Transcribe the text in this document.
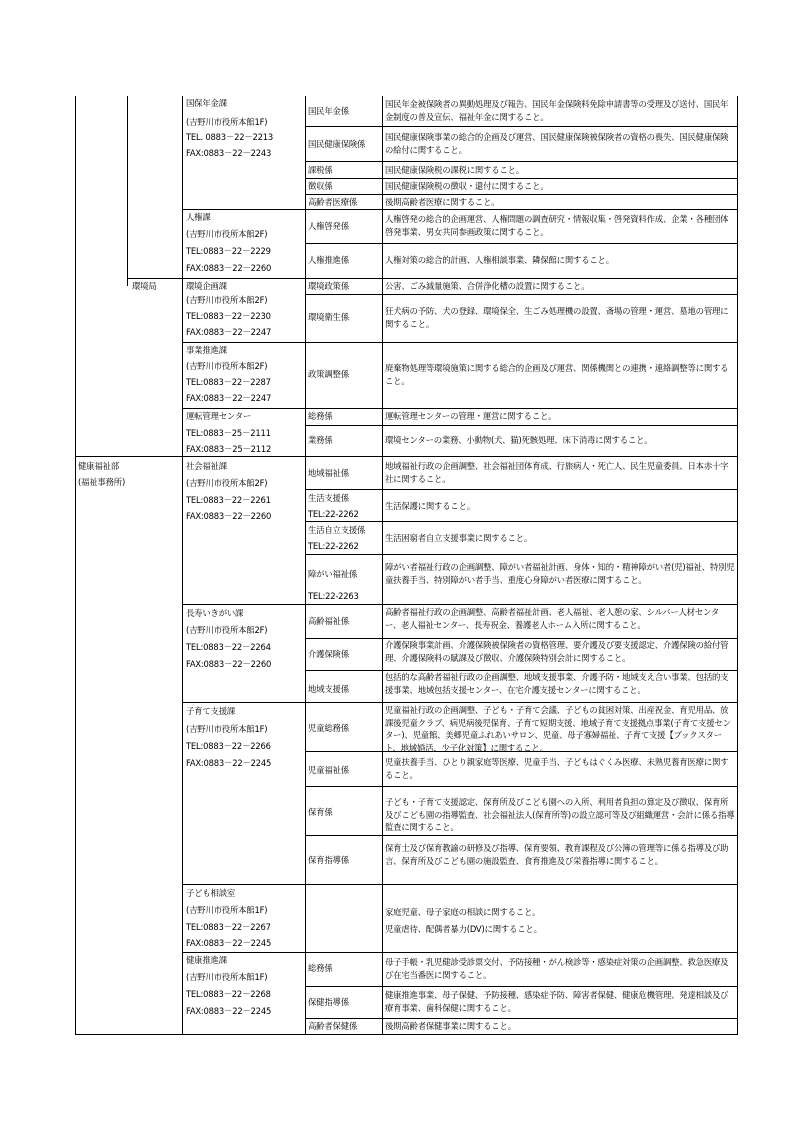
健康福祉部
(福祉事務所)
環境局
国保年金課
(吉野川市役所本館1F)
TEL. 0883－22－2213
FAX:0883－22－2243
人権課
(吉野川市役所本館2F)
TEL:0883－22－2229
FAX:0883－22－2260
環境企画課
(吉野川市役所本館2F)
TEL:0883－22－2230
FAX:0883－22－2247
事業推進課
(吉野川市役所本館2F)
TEL:0883－22－2287
FAX:0883－22－2247
運転管理センター
TEL:0883－25－2111
FAX:0883－25－2112
社会福祉課
(吉野川市役所本館2F)
TEL:0883－22－2261
FAX:0883－22－2260
長寿いきがい課
(吉野川市役所本館2F)
TEL:0883－22－2264
FAX:0883－22－2260
子育て支援課
(吉野川市役所本館1F)
TEL:0883－22－2266
FAX:0883－22－2245
子ども相談室
(吉野川市役所本館1F)
TEL:0883－22－2267
FAX:0883－22－2245
健康推進課
(吉野川市役所本館1F)
TEL:0883－22－2268
FAX:0883－22－2245
国民年金係
国民健康保険係
課税係
徴収係
高齢者医療係
人権啓発係
人権推進係
環境政策係
環境衛生係
政策調整係
総務係
業務係
地域福祉係
生活支援係
TEL:22-2262
生活自立支援係
TEL:22-2262
障がい福祉係
TEL:22-2263
高齢福祉係
介護保険係
地域支援係
児童総務係
児童福祉係
保育係
保育指導係
総務係
保健指導係
高齢者保健係
国民年金被保険者の異動処理及び報告、国民年金保険料免除申請書等の受理及び送付、国民年金制度の普及宣伝、福祉年金に関すること。
国民健康保険事業の総合的企画及び運営、国民健康保険被保険者の資格の喪失、国民健康保険の給付に関すること。
国民健康保険税の課税に関すること。
国民健康保険税の徴収・還付に関すること。
後期高齢者医療に関すること。
人権啓発の総合的企画運営、人権問題の調査研究・情報収集・啓発資料作成、企業・各種団体啓発事業、男女共同参画政策に関すること。
人権対策の総合的計画、人権相談事業、隣保館に関すること。
公害、ごみ減量施策、合併浄化槽の設置に関すること。
狂犬病の予防、犬の登録、環境保全、生ごみ処理機の設置、斎場の管理・運営、墓地の管理に関すること。
廃棄物処理等環境施策に関する総合的企画及び運営、関係機関との連携・連絡調整等に関すること。
運転管理センターの管理・運営に関すること。
環境センターの業務、小動物(犬、猫)死骸処理、床下消毒に関すること。
地域福祉行政の企画調整、社会福祉団体育成、行旅病人・死亡人、民生児童委員、日本赤十字社に関すること。
生活保護に関すること。
生活困窮者自立支援事業に関すること。
障がい者福祉行政の企画調整、障がい者福祉計画、身体・知的・精神障がい者(児)福祉、特別児童扶養手当、特別障がい者手当、重度心身障がい者医療に関すること。
高齢者福祉行政の企画調整、高齢者福祉計画、老人福祉、老人憩の家、シルバー人材センター、老人福祉センター、長寿祝金、養護老人ホーム入所に関すること。
介護保険事業計画、介護保険被保険者の資格管理、要介護及び要支援認定、介護保険の給付管理、介護保険料の賦課及び徴収、介護保険特別会計に関すること。
包括的な高齢者福祉行政の企画調整、地域支援事業、介護予防・地域支え合い事業、包括的支援事業、地域包括支援センター、在宅介護支援センターに関すること。
児童福祉行政の企画調整、子ども・子育て会議、子どもの貧困対策、出産祝金、育児用品、放課後児童クラブ、病児病後児保育、子育て短期支援、地域子育て支援拠点事業(子育て支援センター)、児童館、美郷児童ふれあいサロン、児童、母子寡婦福祉、子育て支援【ブックスタート、地域婚活、少子化対策】に関すること。
児童扶養手当、ひとり親家庭等医療、児童手当、子どもはぐくみ医療、未熟児養育医療に関すること。
子ども・子育て支援認定、保育所及びこども園への入所、利用者負担の算定及び徴収、保育所及びこども園の指導監査、社会福祉法人(保育所等)の設立認可等及び組織運営・会計に係る指導監査に関すること。
保育士及び保育教諭の研修及び指導、保育要領、教育課程及び公簿の管理等に係る指導及び助言、保育所及びこども園の施設監査、食育推進及び栄養指導に関すること。
家庭児童、母子家庭の相談に関すること。
児童虐待、配偶者暴力(DV)に関すること。
母子手帳・乳児健診受診票交付、予防接種・がん検診等・感染症対策の企画調整、救急医療及び在宅当番医に関すること。
健康推進事業、母子保健、予防接種、感染症予防、障害者保健、健康危機管理、発達相談及び療育事業、歯科保健に関すること。
後期高齢者保健事業に関すること。
